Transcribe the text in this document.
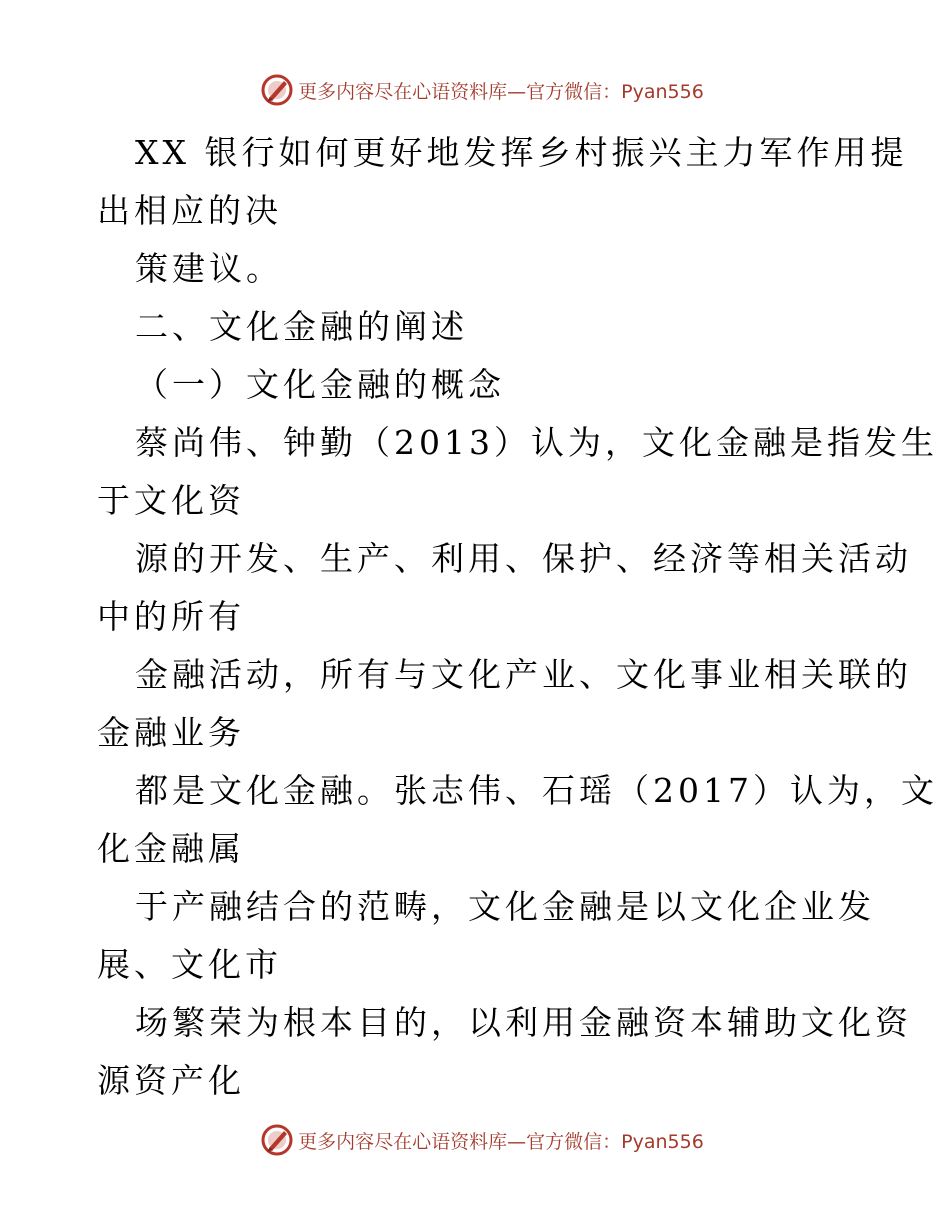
更多内容尽在心语资料库—官方微信：Pyan556
XX 银行如何更好地发挥乡村振兴主力军作用提
出相应的决
策建议。
二、文化金融的阐述
（一）文化金融的概念
蔡尚伟、钟勤（2013）认为，文化金融是指发生
于文化资
源的开发、生产、利用、保护、经济等相关活动
中的所有
金融活动，所有与文化产业、文化事业相关联的
金融业务
都是文化金融。张志伟、石瑶（2017）认为，文
化金融属
于产融结合的范畴，文化金融是以文化企业发
展、文化市
场繁荣为根本目的，以利用金融资本辅助文化资
源资产化
更多内容尽在心语资料库—官方微信：Pyan556
